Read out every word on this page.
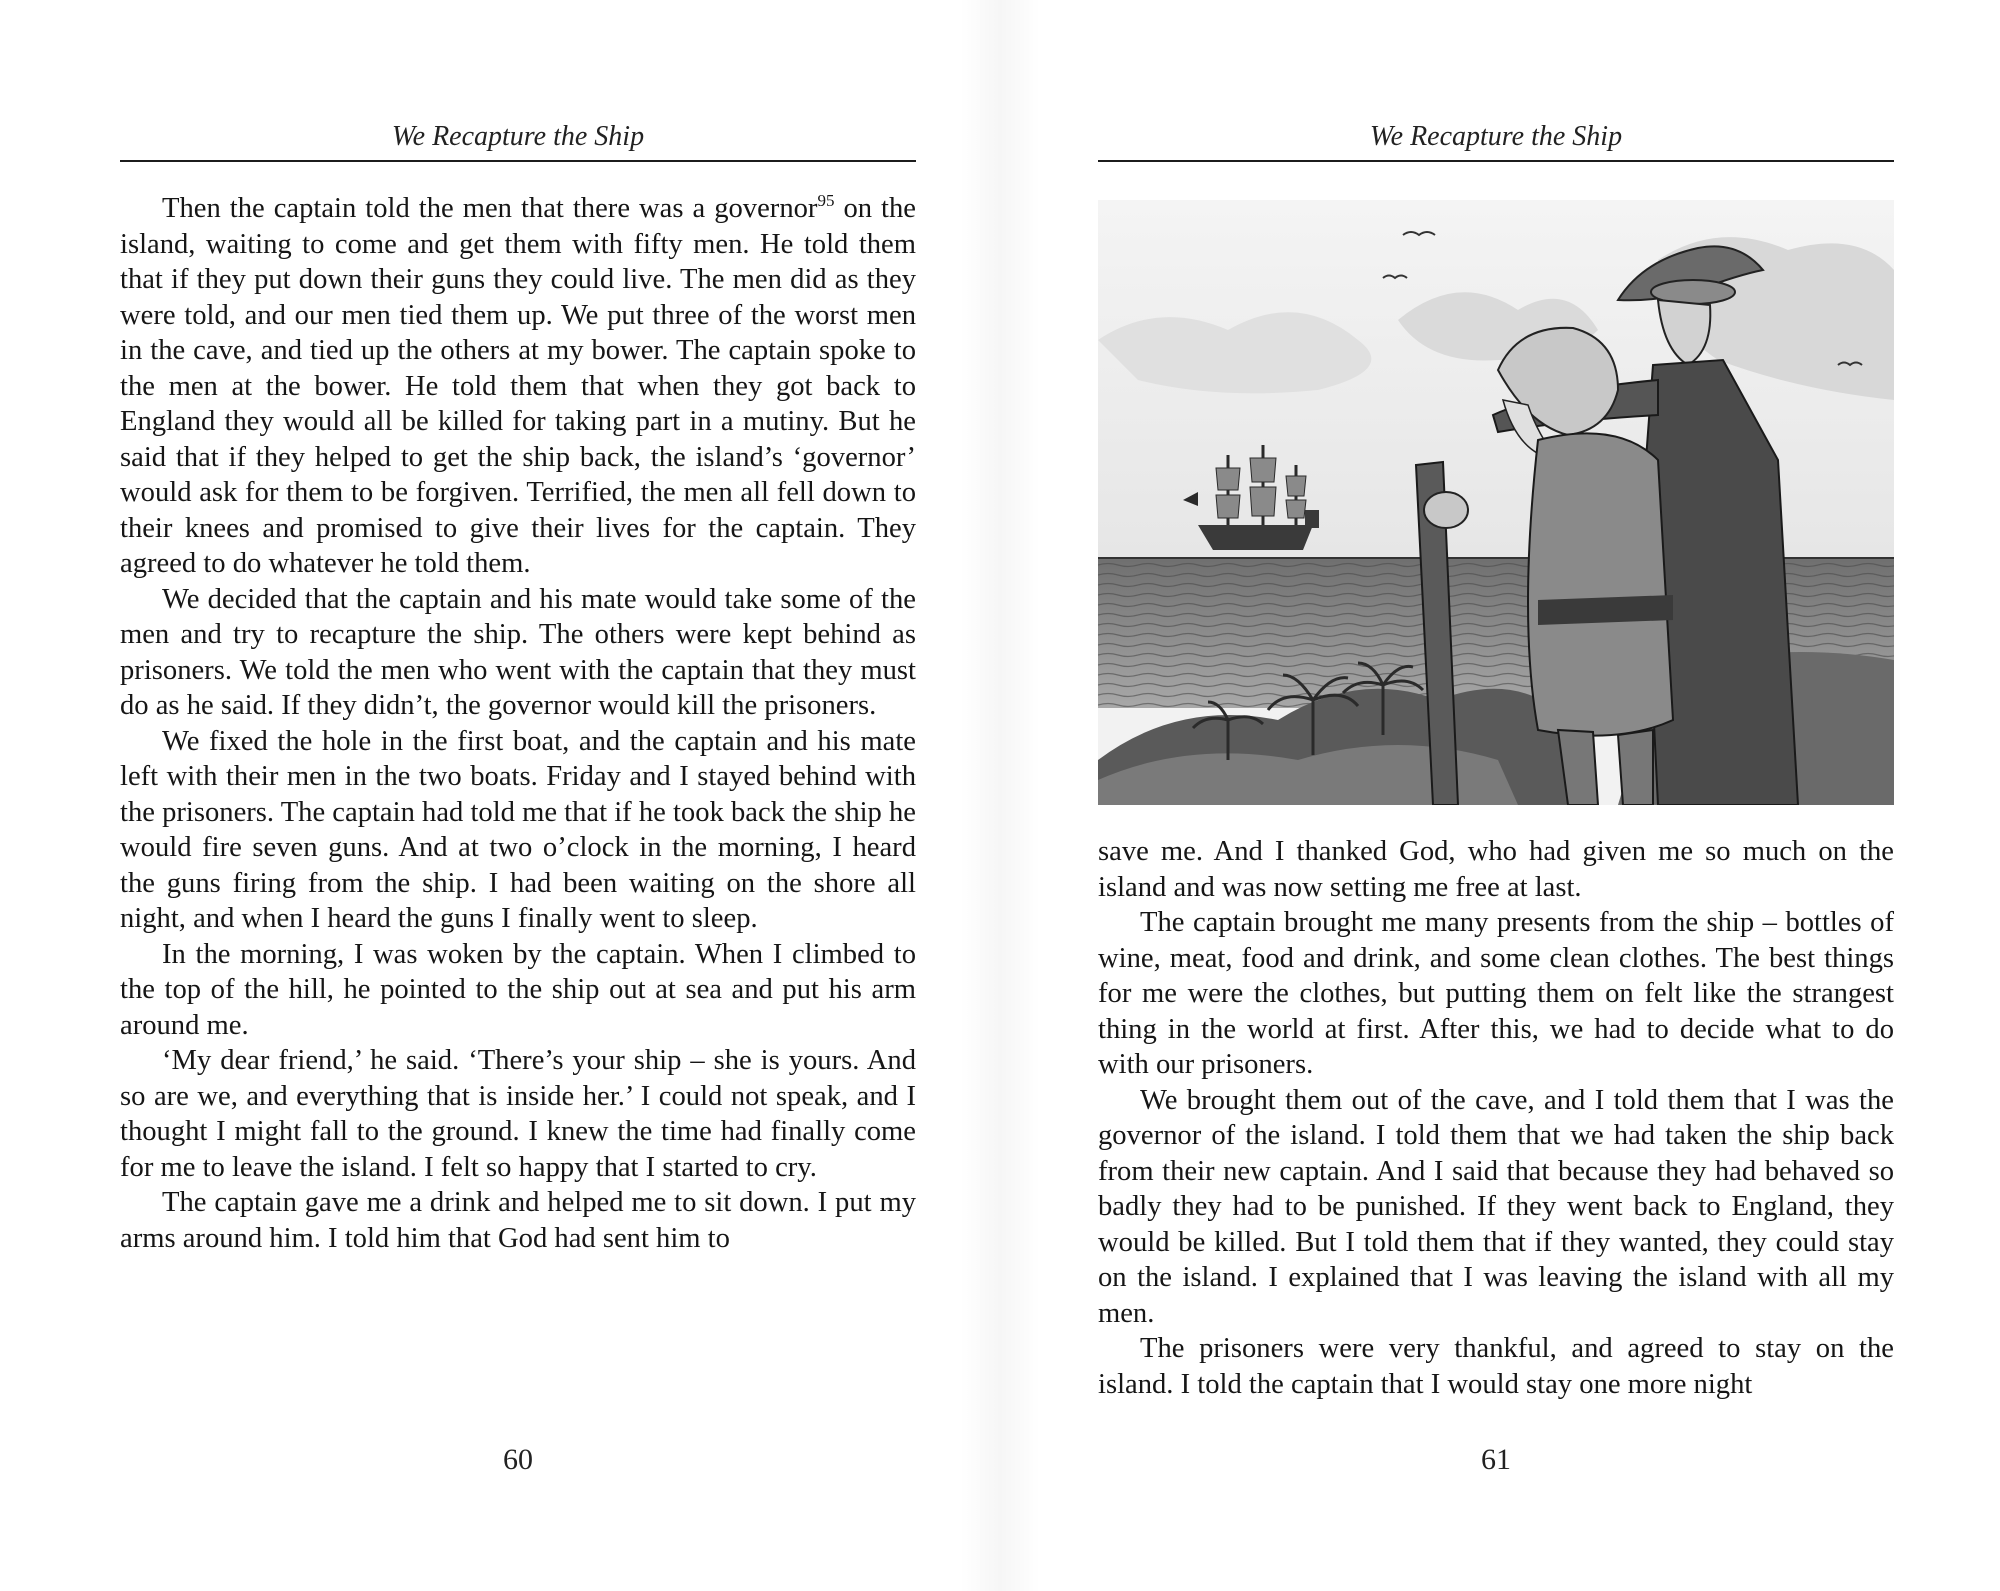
We Recapture the Ship

Then the captain told the men that there was a governor$^{95}$ on the island, waiting to come and get them with fifty men. He told them that if they put down their guns they could live. The men did as they were told, and our men tied them up. We put three of the worst men in the cave, and tied up the others at my bower. The captain spoke to the men at the bower. He told them that when they got back to England they would all be killed for taking part in a mutiny. But he said that if they helped to get the ship back, the island’s ‘governor’ would ask for them to be forgiven. Terrified, the men all fell down to their knees and promised to give their lives for the captain. They agreed to do whatever he told them.

We decided that the captain and his mate would take some of the men and try to recapture the ship. The others were kept behind as prisoners. We told the men who went with the captain that they must do as he said. If they didn’t, the governor would kill the prisoners.

We fixed the hole in the first boat, and the captain and his mate left with their men in the two boats. Friday and I stayed behind with the prisoners. The captain had told me that if he took back the ship he would fire seven guns. And at two o’clock in the morning, I heard the guns firing from the ship. I had been waiting on the shore all night, and when I heard the guns I finally went to sleep.

In the morning, I was woken by the captain. When I climbed to the top of the hill, he pointed to the ship out at sea and put his arm around me.

‘My dear friend,’ he said. ‘There’s your ship – she is yours. And so are we, and everything that is inside her.’ I could not speak, and I thought I might fall to the ground. I knew the time had finally come for me to leave the island. I felt so happy that I started to cry.

The captain gave me a drink and helped me to sit down. I put my arms around him. I told him that God had sent him to

60
We Recapture the Ship

save me. And I thanked God, who had given me so much on the island and was now setting me free at last.

The captain brought me many presents from the ship – bottles of wine, meat, food and drink, and some clean clothes. The best things for me were the clothes, but putting them on felt like the strangest thing in the world at first. After this, we had to decide what to do with our prisoners.

We brought them out of the cave, and I told them that I was the governor of the island. I told them that we had taken the ship back from their new captain. And I said that because they had behaved so badly they had to be punished. If they went back to England, they would be killed. But I told them that if they wanted, they could stay on the island. I explained that I was leaving the island with all my men.

The prisoners were very thankful, and agreed to stay on the island. I told the captain that I would stay one more night

61
